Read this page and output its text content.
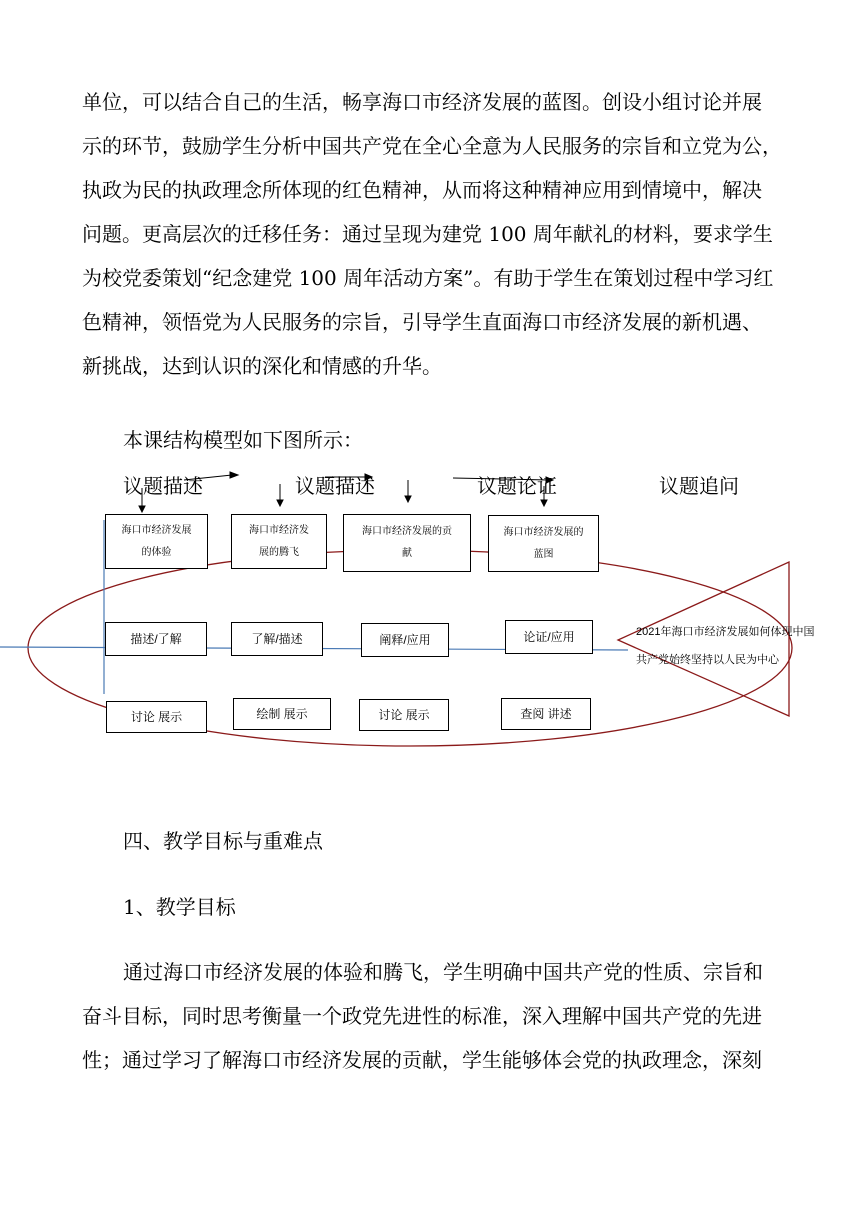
单位，可以结合自己的生活，畅享海口市经济发展的蓝图。创设小组讨论并展
示的环节，鼓励学生分析中国共产党在全心全意为人民服务的宗旨和立党为公，
执政为民的执政理念所体现的红色精神，从而将这种精神应用到情境中，解决
问题。更高层次的迁移任务：通过呈现为建党 100 周年献礼的材料，要求学生
为校党委策划“纪念建党 100 周年活动方案”。有助于学生在策划过程中学习红
色精神，领悟党为人民服务的宗旨，引导学生直面海口市经济发展的新机遇、
新挑战，达到认识的深化和情感的升华。

本课结构模型如下图所示：

议题描述	议题描述	议题论证	议题追问
海口市经济发展
的体验
海口市经济发
展的腾飞
海口市经济发展的贡
献
海口市经济发展的
蓝图
描述/了解	了解/描述	阐释/应用	论证/应用
讨论 展示	绘制 展示	讨论 展示	查阅 讲述
2021年海口市经济发展如何体现中国共产党始终坚持以人民为中心

四、教学目标与重难点

1、教学目标

通过海口市经济发展的体验和腾飞，学生明确中国共产党的性质、宗旨和
奋斗目标，同时思考衡量一个政党先进性的标准，深入理解中国共产党的先进
性；通过学习了解海口市经济发展的贡献，学生能够体会党的执政理念，深刻
